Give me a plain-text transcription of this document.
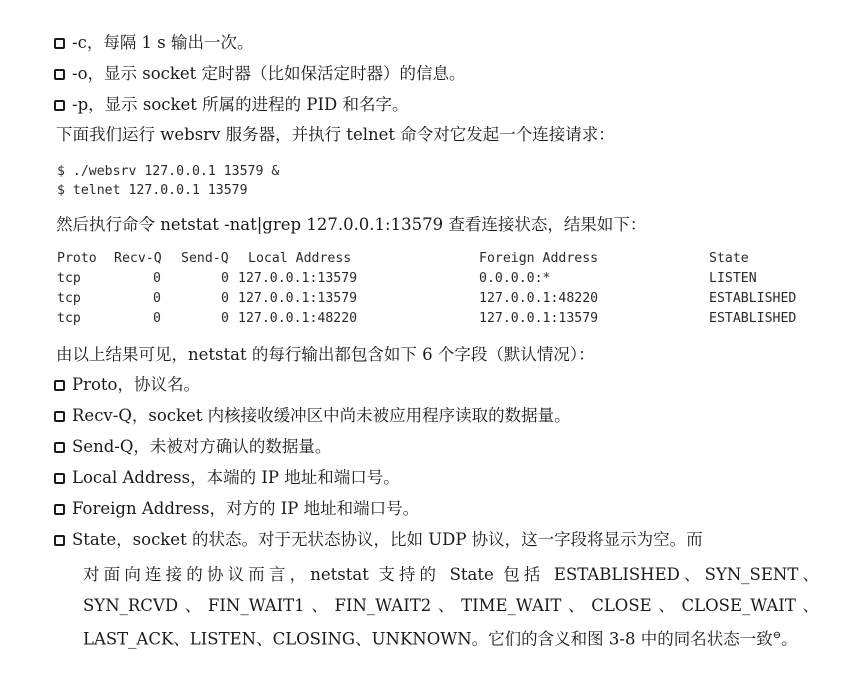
-c，每隔 1 s 输出一次。
-o，显示 socket 定时器（比如保活定时器）的信息。
-p，显示 socket 所属的进程的 PID 和名字。
下面我们运行 websrv 服务器，并执行 telnet 命令对它发起一个连接请求：
$ ./websrv 127.0.0.1 13579 &
$ telnet 127.0.0.1 13579
然后执行命令 netstat -nat|grep 127.0.0.1:13579 查看连接状态，结果如下：
Proto Recv-Q Send-Q Local Address	Foreign Address	State
tcp	0	0 127.0.0.1:13579	0.0.0.0:*	LISTEN
tcp	0	0 127.0.0.1:13579	127.0.0.1:48220	ESTABLISHED
tcp	0	0 127.0.0.1:48220	127.0.0.1:13579	ESTABLISHED
由以上结果可见，netstat 的每行输出都包含如下 6 个字段（默认情况）：
Proto，协议名。
Recv-Q，socket 内核接收缓冲区中尚未被应用程序读取的数据量。
Send-Q，未被对方确认的数据量。
Local Address，本端的 IP 地址和端口号。
Foreign Address，对方的 IP 地址和端口号。
State，socket 的状态。对于无状态协议，比如 UDP 协议，这一字段将显示为空。而
对面向连接的协议而言，netstat 支持的 State 包括 ESTABLISHED、SYN_SENT、SYN_RCVD、FIN_WAIT1、FIN_WAIT2、TIME_WAIT、CLOSE、CLOSE_WAIT、LAST_ACK、LISTEN、CLOSING、UNKNOWN。它们的含义和图 3-8 中的同名状态一致⊖。
